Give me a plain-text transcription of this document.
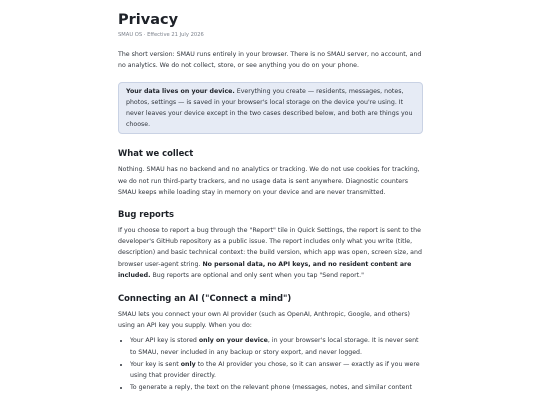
Privacy
SMAU OS · Effective 21 July 2026

The short version: SMAU runs entirely in your browser. There is no SMAU server, no account, and no analytics. We do not collect, store, or see anything you do on your phone.

Your data lives on your device. Everything you create — residents, messages, notes, photos, settings — is saved in your browser's local storage on the device you're using. It never leaves your device except in the two cases described below, and both are things you choose.

What we collect

Nothing. SMAU has no backend and no analytics or tracking. We do not use cookies for tracking, we do not run third-party trackers, and no usage data is sent anywhere. Diagnostic counters SMAU keeps while loading stay in memory on your device and are never transmitted.

Bug reports

If you choose to report a bug through the "Report" tile in Quick Settings, the report is sent to the developer's GitHub repository as a public issue. The report includes only what you write (title, description) and basic technical context: the build version, which app was open, screen size, and browser user-agent string. No personal data, no API keys, and no resident content are included. Bug reports are optional and only sent when you tap "Send report."

Connecting an AI ("Connect a mind")

SMAU lets you connect your own AI provider (such as OpenAI, Anthropic, Google, and others) using an API key you supply. When you do:

• Your API key is stored only on your device, in your browser's local storage. It is never sent to SMAU, never included in any backup or story export, and never logged.
• Your key is sent only to the AI provider you chose, so it can answer — exactly as if you were using that provider directly.
• To generate a reply, the text on the relevant phone (messages, notes, and similar content
